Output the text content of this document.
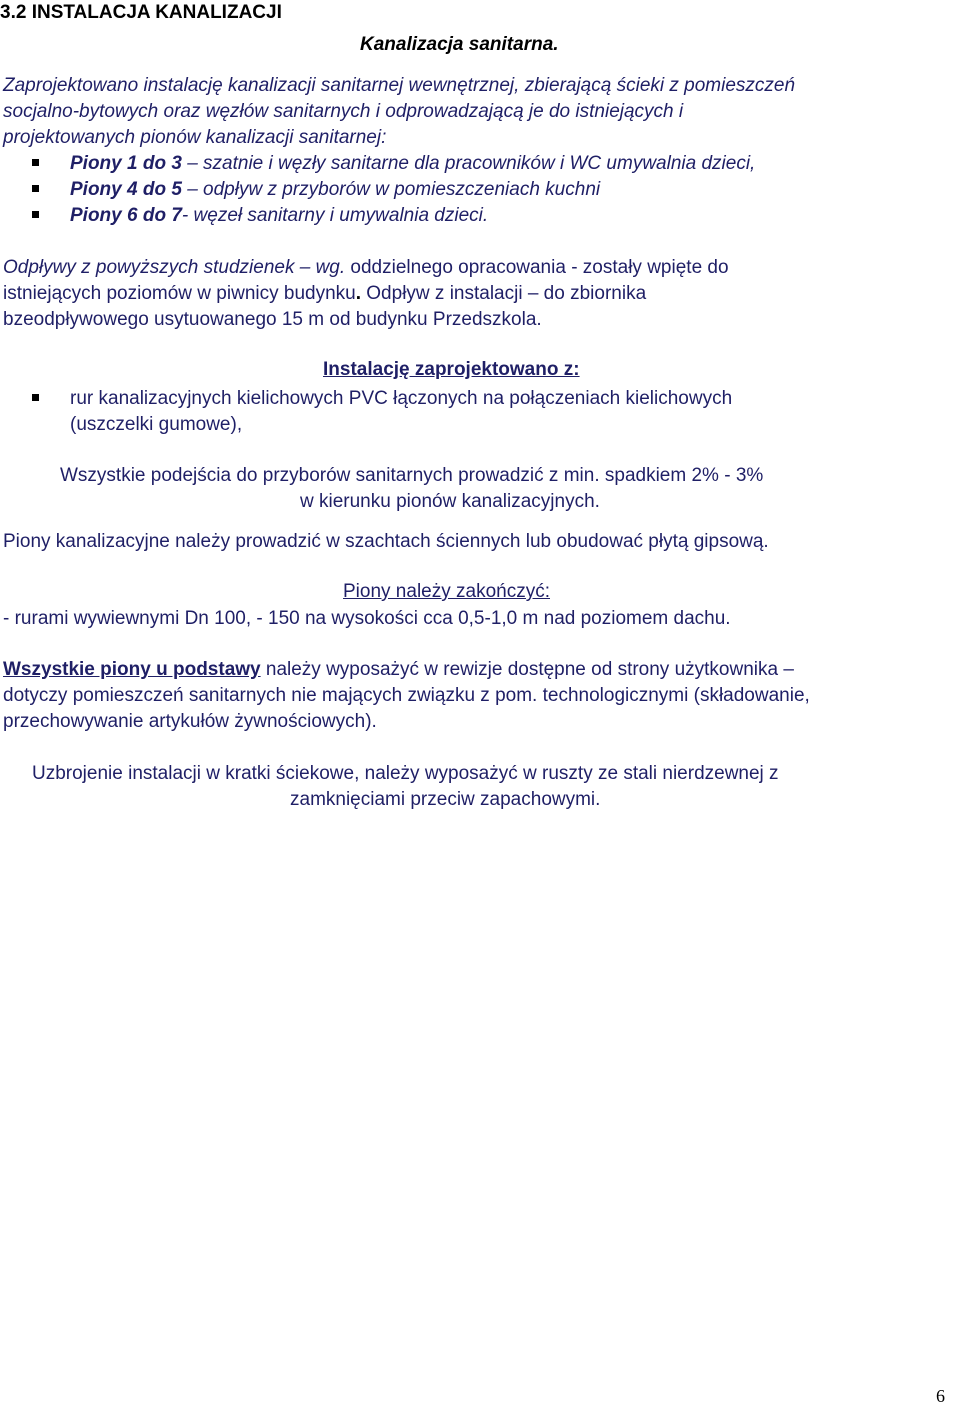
3.2 INSTALACJA KANALIZACJI
Kanalizacja sanitarna.
Zaprojektowano instalację kanalizacji sanitarnej wewnętrznej, zbierającą ścieki z pomieszczeń
socjalno-bytowych oraz węzłów sanitarnych i odprowadzającą je do istniejących i
projektowanych pionów kanalizacji sanitarnej:
Piony 1 do 3 – szatnie i węzły sanitarne dla pracowników i WC umywalnia dzieci,
Piony 4 do 5 – odpływ z przyborów w pomieszczeniach kuchni
Piony 6 do 7- węzeł sanitarny i umywalnia dzieci.
Odpływy z powyższych studzienek – wg. oddzielnego opracowania - zostały wpięte do
istniejących poziomów w piwnicy budynku. Odpływ z instalacji – do zbiornika
bzeodpływowego usytuowanego 15 m od budynku Przedszkola.
Instalację zaprojektowano z:
rur kanalizacyjnych kielichowych PVC łączonych na połączeniach kielichowych
(uszczelki gumowe),
Wszystkie podejścia do przyborów sanitarnych prowadzić z min. spadkiem 2% - 3%
w kierunku pionów kanalizacyjnych.
Piony kanalizacyjne należy prowadzić w szachtach ściennych lub obudować płytą gipsową.
Piony należy zakończyć:
- rurami wywiewnymi Dn 100, - 150 na wysokości cca 0,5-1,0 m nad poziomem dachu.
Wszystkie piony u podstawy należy wyposażyć w rewizje dostępne od strony użytkownika –
dotyczy pomieszczeń sanitarnych nie mających związku z pom. technologicznymi (składowanie,
przechowywanie artykułów żywnościowych).
Uzbrojenie instalacji w kratki ściekowe, należy wyposażyć w ruszty ze stali nierdzewnej z
zamknięciami przeciw zapachowymi.
6
